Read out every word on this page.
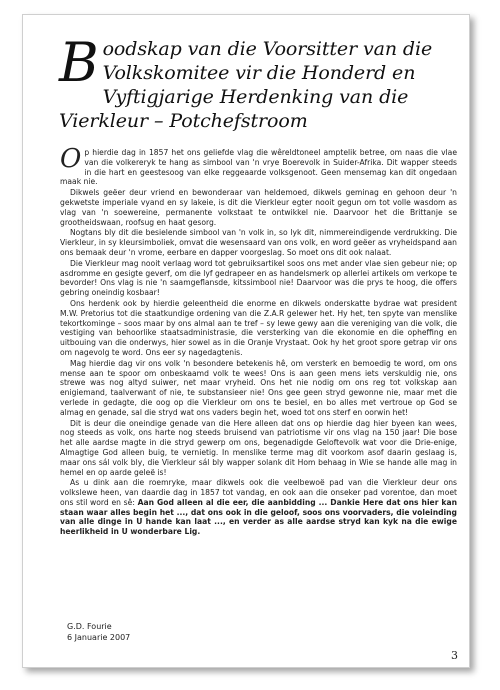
Boodskap van die Voorsitter van die Volkskomitee vir die Honderd en Vyftigjarige Herdenking van die Vierkleur – Potchefstroom

Op hierdie dag in 1857 het ons geliefde vlag die wêreldtoneel amptelik betree, om naas die vlae van die volkereryk te hang as simbool van 'n vrye Boerevolk in Suider-Afrika. Dit wapper steeds in die hart en geestesoog van elke reggeaarde volksgenoot. Geen mensemag kan dit ongedaan maak nie.

Dikwels geëer deur vriend en bewonderaar van heldemoed, dikwels geminag en gehoon deur 'n gekwetste imperiale vyand en sy lakeie, is dit die Vierkleur egter nooit gegun om tot volle wasdom as vlag van 'n soewereine, permanente volkstaat te ontwikkel nie. Daarvoor het die Brittanje se grootheidswaan, roofsug en haat gesorg.

Nogtans bly dit die besielende simbool van 'n volk in, so lyk dit, nimmereindigende verdrukking. Die Vierkleur, in sy kleursimboliek, omvat die wesensaard van ons volk, en word geëer as vryheidspand aan ons bemaak deur 'n vrome, eerbare en dapper voorgeslag. So moet ons dit ook nalaat.

Die Vierkleur mag nooit verlaag word tot gebruiksartikel soos ons met ander vlae sien gebeur nie; op asdromme en gesigte geverf, om die lyf gedrapeer en as handelsmerk op allerlei artikels om verkope te bevorder! Ons vlag is nie 'n saamgeflansde, kitssimbool nie! Daarvoor was die prys te hoog, die offers gebring oneindig kosbaar!

Ons herdenk ook by hierdie geleentheid die enorme en dikwels onderskatte bydrae wat president M.W. Pretorius tot die staatkundige ordening van die Z.A.R gelewer het. Hy het, ten spyte van menslike tekortkominge – soos maar by ons almal aan te tref – sy lewe gewy aan die vereniging van die volk, die vestiging van behoorlike staatsadministrasie, die versterking van die ekonomie en die opheffing en uitbouing van die onderwys, hier sowel as in die Oranje Vrystaat. Ook hy het groot spore getrap vir ons om nagevolg te word. Ons eer sy nagedagtenis.

Mag hierdie dag vir ons volk 'n besondere betekenis hê, om versterk en bemoedig te word, om ons mense aan te spoor om onbeskaamd volk te wees! Ons is aan geen mens iets verskuldig nie, ons strewe was nog altyd suiwer, net maar vryheid. Ons het nie nodig om ons reg tot volkskap aan enigiemand, taalverwant of nie, te substansieer nie! Ons gee geen stryd gewonne nie, maar met die verlede in gedagte, die oog op die Vierkleur om ons te besiel, en bo alles met vertroue op God se almag en genade, sal die stryd wat ons vaders begin het, woed tot ons sterf en oorwin het!

Dit is deur die oneindige genade van die Here alleen dat ons op hierdie dag hier byeen kan wees, nog steeds as volk, ons harte nog steeds bruisend van patriotisme vir ons vlag na 150 jaar! Die bose het alle aardse magte in die stryd gewerp om ons, begenadigde Geloftevolk wat voor die Drie-enige, Almagtige God alleen buig, te vernietig. In menslike terme mag dit voorkom asof daarin geslaag is, maar ons sál volk bly, die Vierkleur sál bly wapper solank dit Hom behaag in Wie se hande alle mag in hemel en op aarde geleë is!

As u dink aan die roemryke, maar dikwels ook die veelbewoë pad van die Vierkleur deur ons volkslewe heen, van daardie dag in 1857 tot vandag, en ook aan die onseker pad vorentoe, dan moet ons stil word en sê: Aan God alleen al die eer, die aanbidding ... Dankie Here dat ons hier kan staan waar alles begin het ..., dat ons ook in die geloof, soos ons voorvaders, die voleinding van alle dinge in U hande kan laat ..., en verder as alle aardse stryd kan kyk na die ewige heerlikheid in U wonderbare Lig.

G.D. Fourie
6 Januarie 2007
3
